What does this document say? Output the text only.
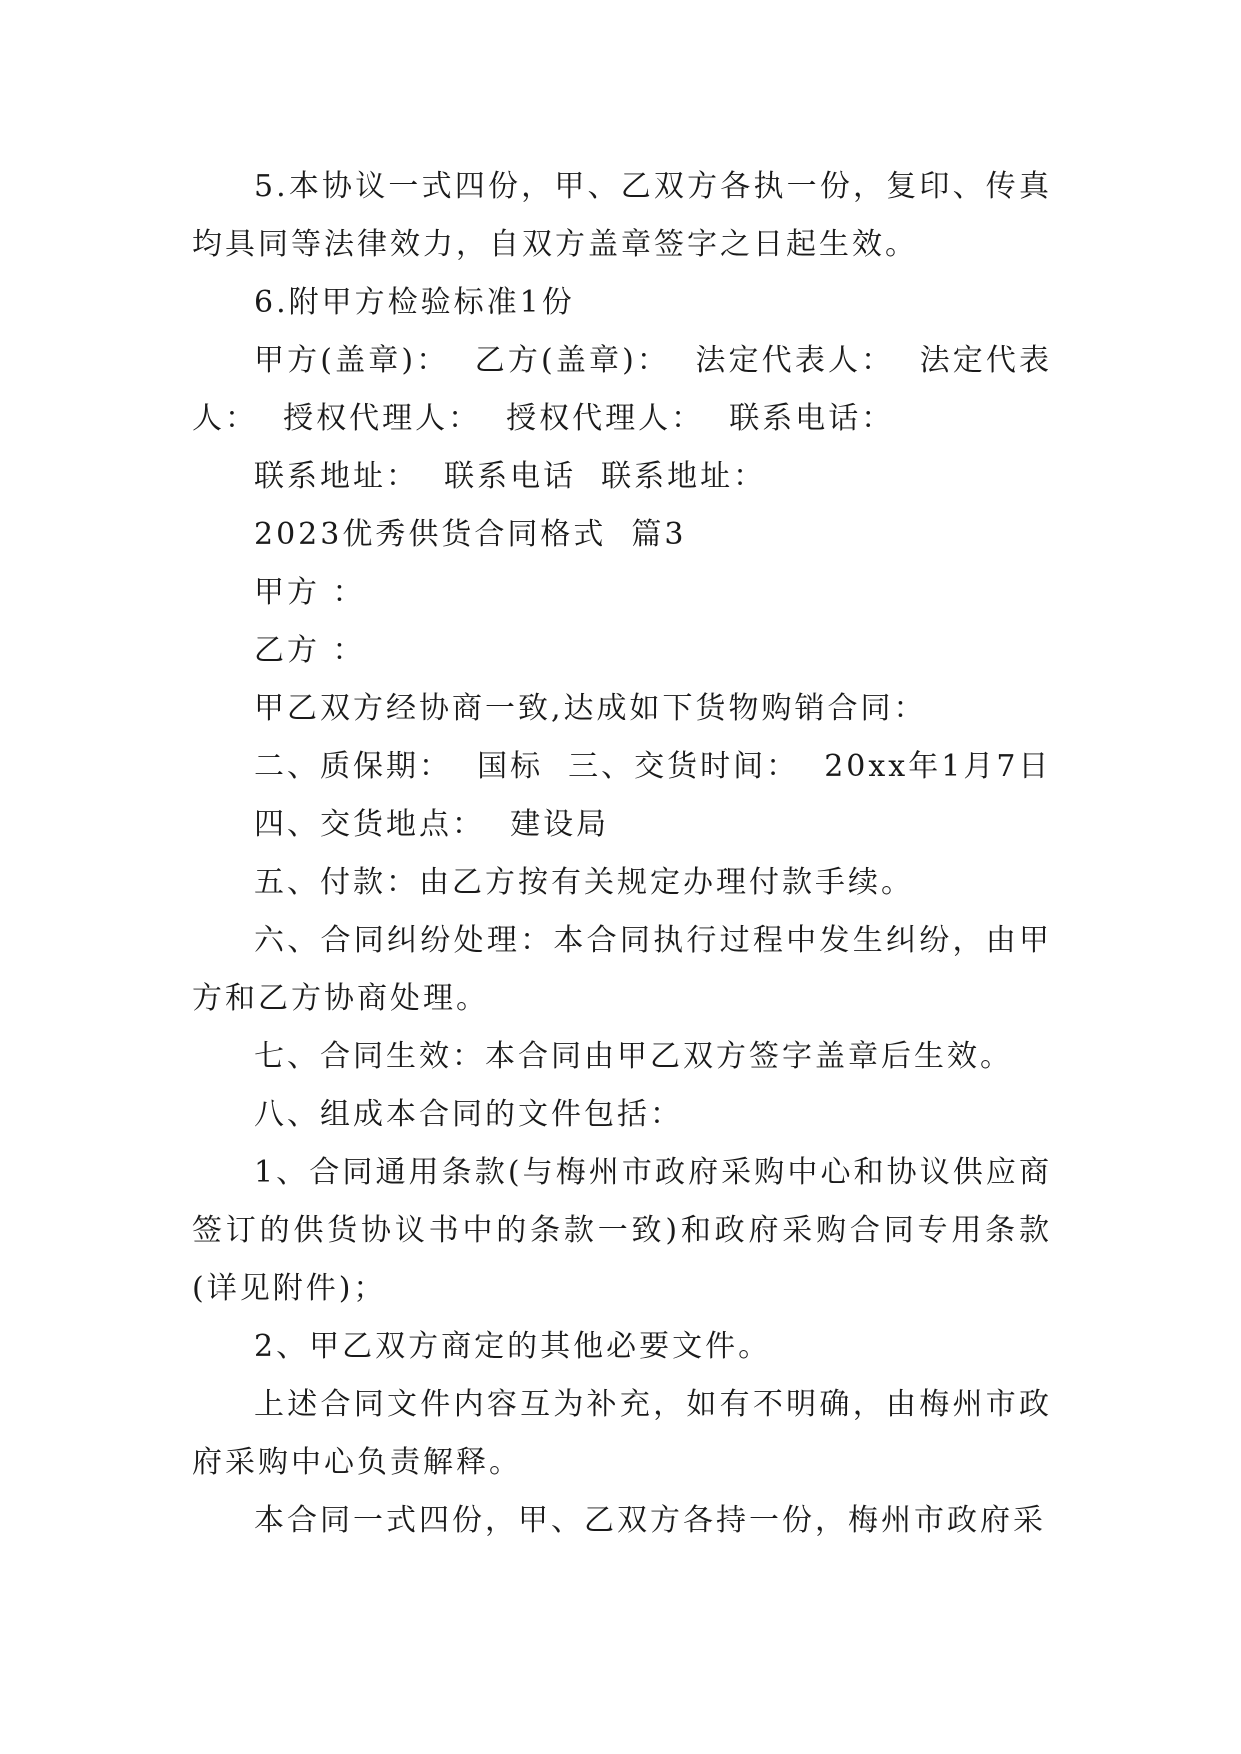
5.本协议一式四份，甲、乙双方各执一份，复印、传真均具同等法律效力，自双方盖章签字之日起生效。

6.附甲方检验标准1份

甲方(盖章)：  乙方(盖章)：  法定代表人：  法定代表人：  授权代理人：  授权代理人：  联系电话：

联系地址：  联系电话  联系地址：

2023优秀供货合同格式  篇3

甲方 ：

乙方 ：

甲乙双方经协商一致,达成如下货物购销合同：

二、质保期：  国标  三、交货时间：  20xx年1月7日

四、交货地点：  建设局

五、付款：由乙方按有关规定办理付款手续。

六、合同纠纷处理：本合同执行过程中发生纠纷，由甲方和乙方协商处理。

七、合同生效：本合同由甲乙双方签字盖章后生效。

八、组成本合同的文件包括：

1、合同通用条款(与梅州市政府采购中心和协议供应商签订的供货协议书中的条款一致)和政府采购合同专用条款(详见附件)；

2、甲乙双方商定的其他必要文件。

上述合同文件内容互为补充，如有不明确，由梅州市政府采购中心负责解释。

本合同一式四份，甲、乙双方各持一份，梅州市政府采
